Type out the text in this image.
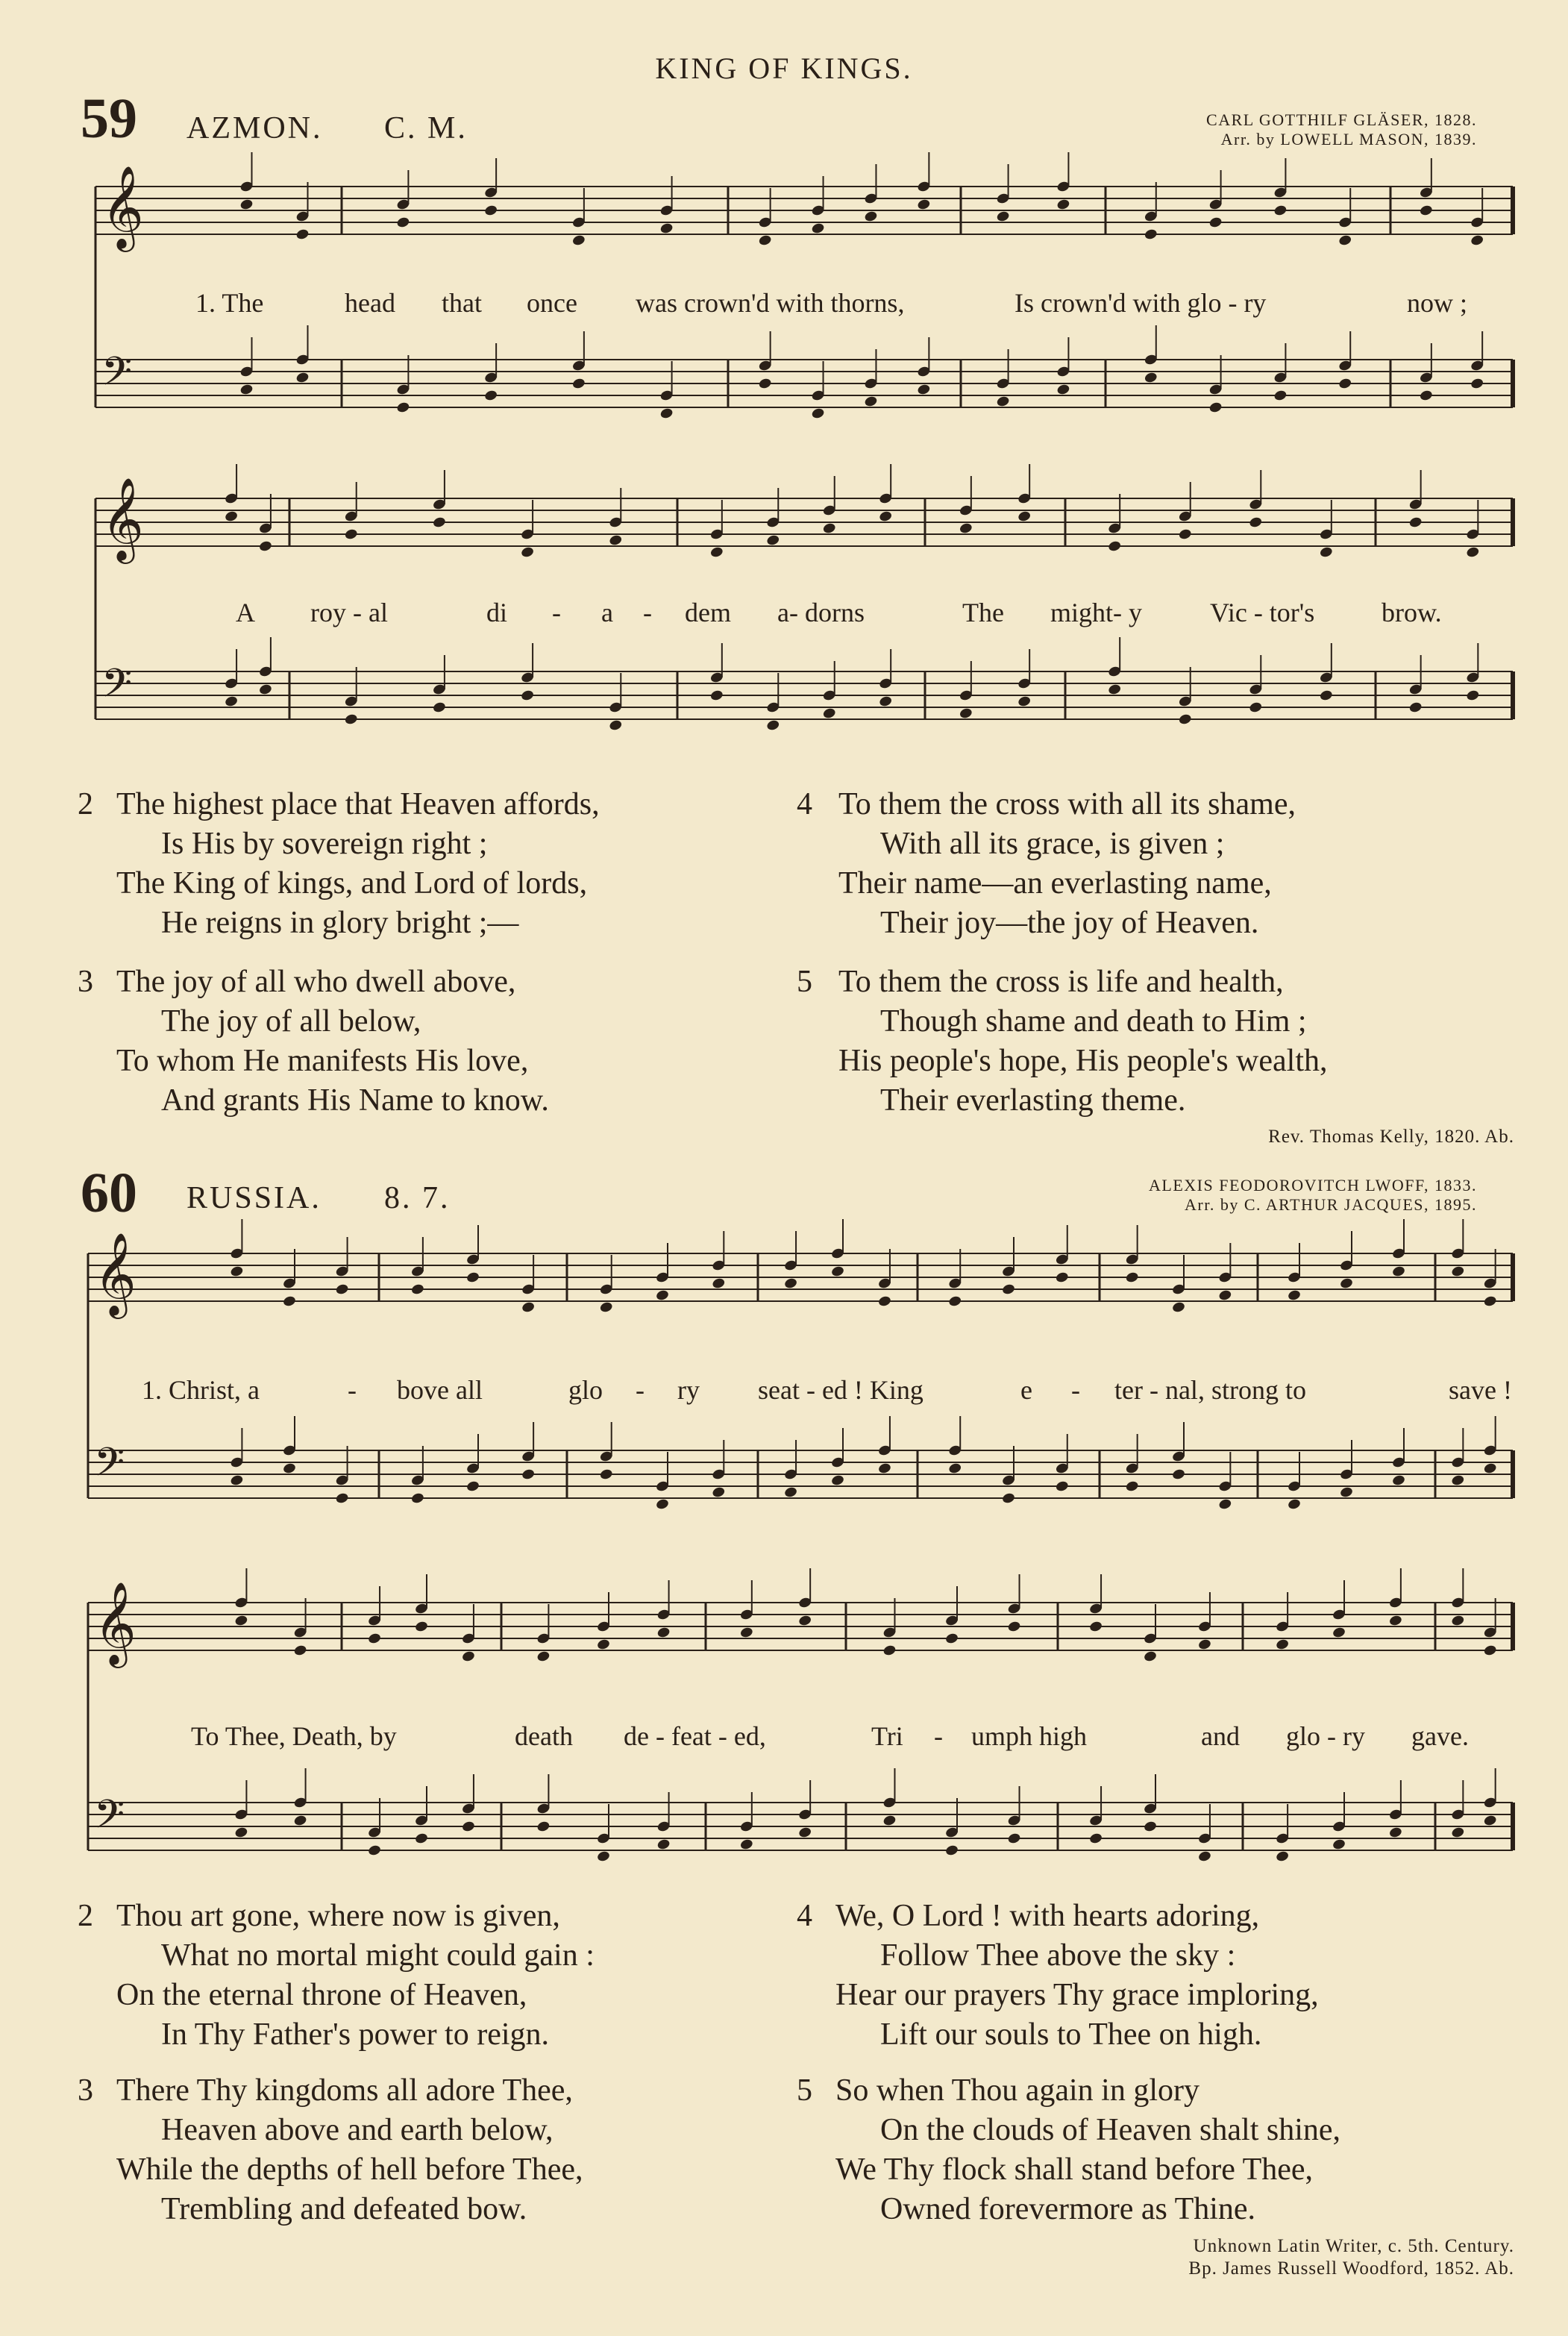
KING OF KINGS.
59 AZMON. C. M.	CARL GOTTHILF GLÄSER, 1828.
Arr. by LOWELL MASON, 1839.
𝄞
𝄢
𝄞
𝄢
𝄞
𝄢
𝄞
𝄢
1. The	head that once was crown'd with thorns,	Is crown'd with glo - ry	now ;
A roy - al	di - a - dem a- dorns	The might- y	Vic - tor's brow.
2 The highest place that Heaven affords,
Is His by sovereign right ;
The King of kings, and Lord of lords,
He reigns in glory bright ;—
3 The joy of all who dwell above,
The joy of all below,
To whom He manifests His love,
And grants His Name to know.
4 To them the cross with all its shame,
With all its grace, is given ;
Their name—an everlasting name,
Their joy—the joy of Heaven.
5 To them the cross is life and health,
Though shame and death to Him ;
His people's hope, His people's wealth,
Their everlasting theme.
Rev. Thomas Kelly, 1820. Ab.
60 RUSSIA. 8. 7.	ALEXIS FEODOROVITCH LWOFF, 1833.
Arr. by C. ARTHUR JACQUES, 1895.
1. Christ, a	- bove all	glo - ry seat - ed ! King	e - ter - nal, strong to	save !
To Thee, Death, by	death de - feat - ed,	Tri - umph high	and glo - ry gave.
2 Thou art gone, where now is given,
What no mortal might could gain :
On the eternal throne of Heaven,
In Thy Father's power to reign.
3 There Thy kingdoms all adore Thee,
Heaven above and earth below,
While the depths of hell before Thee,
Trembling and defeated bow.
4 We, O Lord ! with hearts adoring,
Follow Thee above the sky :
Hear our prayers Thy grace imploring,
Lift our souls to Thee on high.
5 So when Thou again in glory
On the clouds of Heaven shalt shine,
We Thy flock shall stand before Thee,
Owned forevermore as Thine.
Unknown Latin Writer, c. 5th. Century.
Bp. James Russell Woodford, 1852. Ab.
